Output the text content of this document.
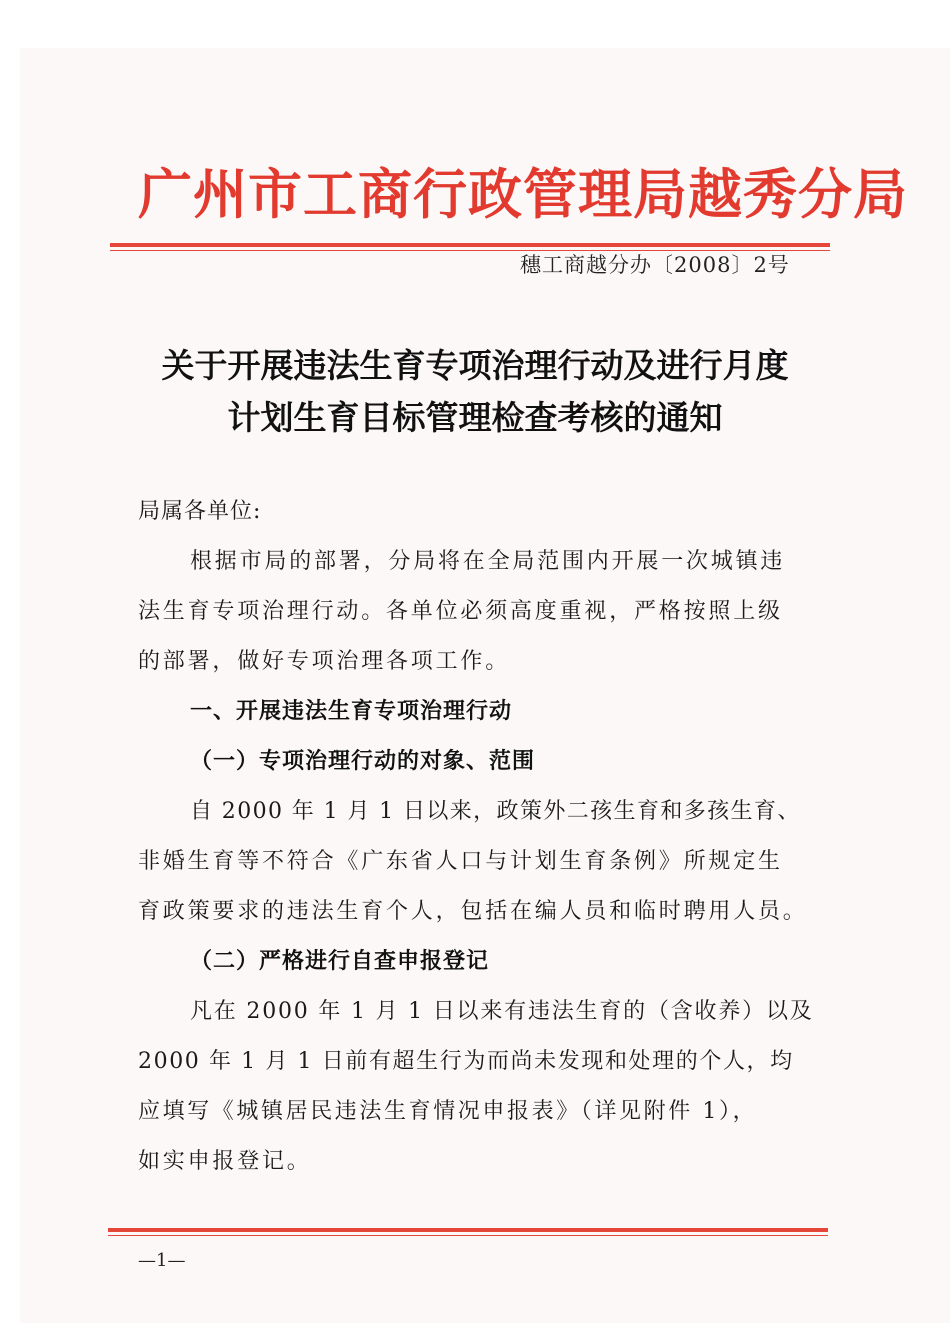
广州市工商行政管理局越秀分局
穗工商越分办〔2008〕2号
关于开展违法生育专项治理行动及进行月度
计划生育目标管理检查考核的通知
局属各单位:
根据市局的部署，分局将在全局范围内开展一次城镇违
法生育专项治理行动。各单位必须高度重视，严格按照上级
的部署，做好专项治理各项工作。
一、开展违法生育专项治理行动
（一）专项治理行动的对象、范围
自 2000 年 1 月 1 日以来，政策外二孩生育和多孩生育、
非婚生育等不符合《广东省人口与计划生育条例》所规定生
育政策要求的违法生育个人，包括在编人员和临时聘用人员。
（二）严格进行自查申报登记
凡在 2000 年 1 月 1 日以来有违法生育的（含收养）以及
2000 年 1 月 1 日前有超生行为而尚未发现和处理的个人，均
应填写《城镇居民违法生育情况申报表》（详见附件 1），
如实申报登记。
—1—
